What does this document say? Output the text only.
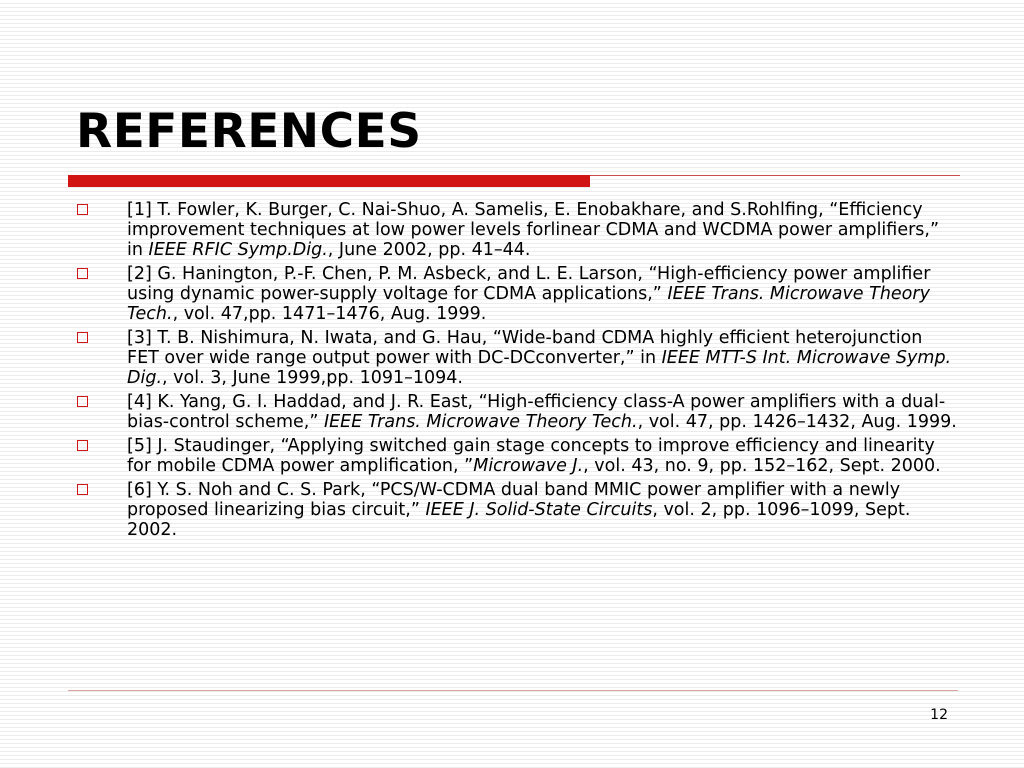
REFERENCES
[1] T. Fowler, K. Burger, C. Nai-Shuo, A. Samelis, E. Enobakhare, and S.Rohlfing, “Efficiency improvement techniques at low power levels forlinear CDMA and WCDMA power amplifiers,” in IEEE RFIC Symp.Dig., June 2002, pp. 41–44.
[2] G. Hanington, P.-F. Chen, P. M. Asbeck, and L. E. Larson, “High-efficiency power amplifier using dynamic power-supply voltage for CDMA applications,” IEEE Trans. Microwave Theory Tech., vol. 47,pp. 1471–1476, Aug. 1999.
[3] T. B. Nishimura, N. Iwata, and G. Hau, “Wide-band CDMA highly efficient heterojunction FET over wide range output power with DC-DCconverter,” in IEEE MTT-S Int. Microwave Symp. Dig., vol. 3, June 1999,pp. 1091–1094.
[4] K. Yang, G. I. Haddad, and J. R. East, “High-efficiency class-A power amplifiers with a dual-bias-control scheme,” IEEE Trans. Microwave Theory Tech., vol. 47, pp. 1426–1432, Aug. 1999.
[5] J. Staudinger, “Applying switched gain stage concepts to improve efficiency and linearity for mobile CDMA power amplification, ”Microwave J., vol. 43, no. 9, pp. 152–162, Sept. 2000.
[6] Y. S. Noh and C. S. Park, “PCS/W-CDMA dual band MMIC power amplifier with a newly proposed linearizing bias circuit,” IEEE J. Solid-State Circuits, vol. 2, pp. 1096–1099, Sept. 2002.
12
